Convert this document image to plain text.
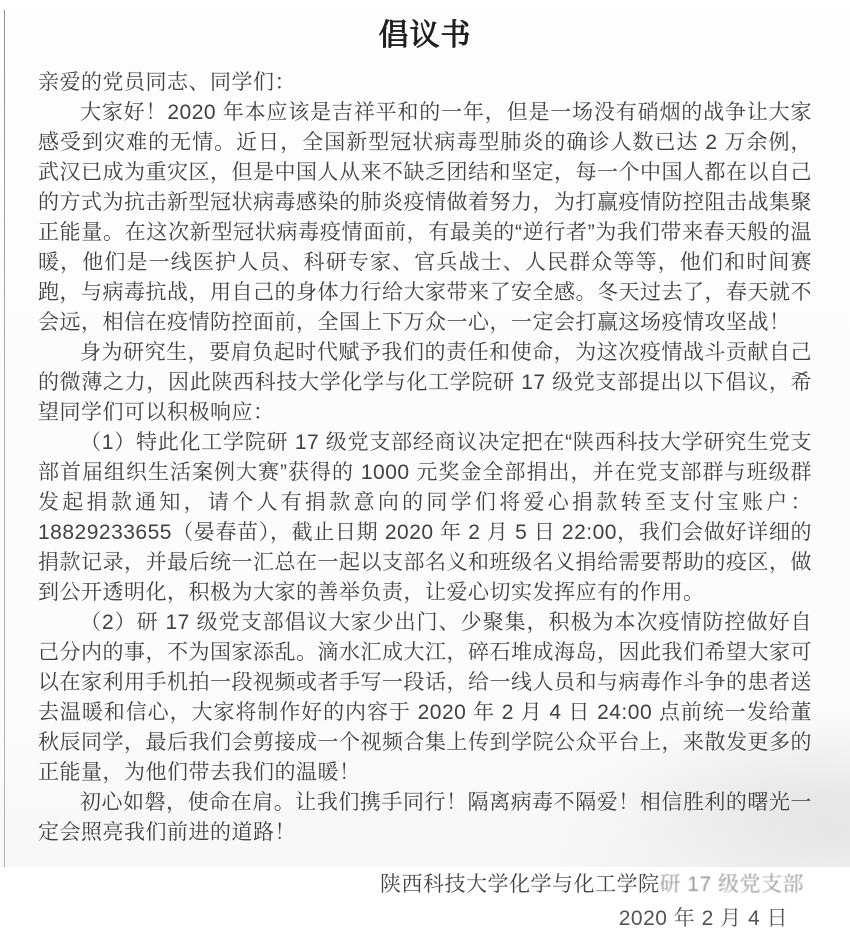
倡议书

亲爱的党员同志、同学们：

大家好！2020 年本应该是吉祥平和的一年，但是一场没有硝烟的战争让大家感受到灾难的无情。近日，全国新型冠状病毒型肺炎的确诊人数已达 2 万余例，武汉已成为重灾区，但是中国人从来不缺乏团结和坚定，每一个中国人都在以自己的方式为抗击新型冠状病毒感染的肺炎疫情做着努力，为打赢疫情防控阻击战集聚正能量。在这次新型冠状病毒疫情面前，有最美的“逆行者”为我们带来春天般的温暖，他们是一线医护人员、科研专家、官兵战士、人民群众等等，他们和时间赛跑，与病毒抗战，用自己的身体力行给大家带来了安全感。冬天过去了，春天就不会远，相信在疫情防控面前，全国上下万众一心，一定会打赢这场疫情攻坚战！

身为研究生，要肩负起时代赋予我们的责任和使命，为这次疫情战斗贡献自己的微薄之力，因此陕西科技大学化学与化工学院研 17 级党支部提出以下倡议，希望同学们可以积极响应：

（1）特此化工学院研 17 级党支部经商议决定把在“陕西科技大学研究生党支部首届组织生活案例大赛”获得的 1000 元奖金全部捐出，并在党支部群与班级群发起捐款通知，请个人有捐款意向的同学们将爱心捐款转至支付宝账户：18829233655（晏春苗），截止日期 2020 年 2 月 5 日 22:00，我们会做好详细的捐款记录，并最后统一汇总在一起以支部名义和班级名义捐给需要帮助的疫区，做到公开透明化，积极为大家的善举负责，让爱心切实发挥应有的作用。

（2）研 17 级党支部倡议大家少出门、少聚集，积极为本次疫情防控做好自己分内的事，不为国家添乱。滴水汇成大江，碎石堆成海岛，因此我们希望大家可以在家利用手机拍一段视频或者手写一段话，给一线人员和与病毒作斗争的患者送去温暖和信心，大家将制作好的内容于 2020 年 2 月 4 日 24:00 点前统一发给董秋辰同学，最后我们会剪接成一个视频合集上传到学院公众平台上，来散发更多的正能量，为他们带去我们的温暖！

初心如磐，使命在肩。让我们携手同行！隔离病毒不隔爱！相信胜利的曙光一定会照亮我们前进的道路！

陕西科技大学化学与化工学院研 17 级党支部

2020 年 2 月 4 日
